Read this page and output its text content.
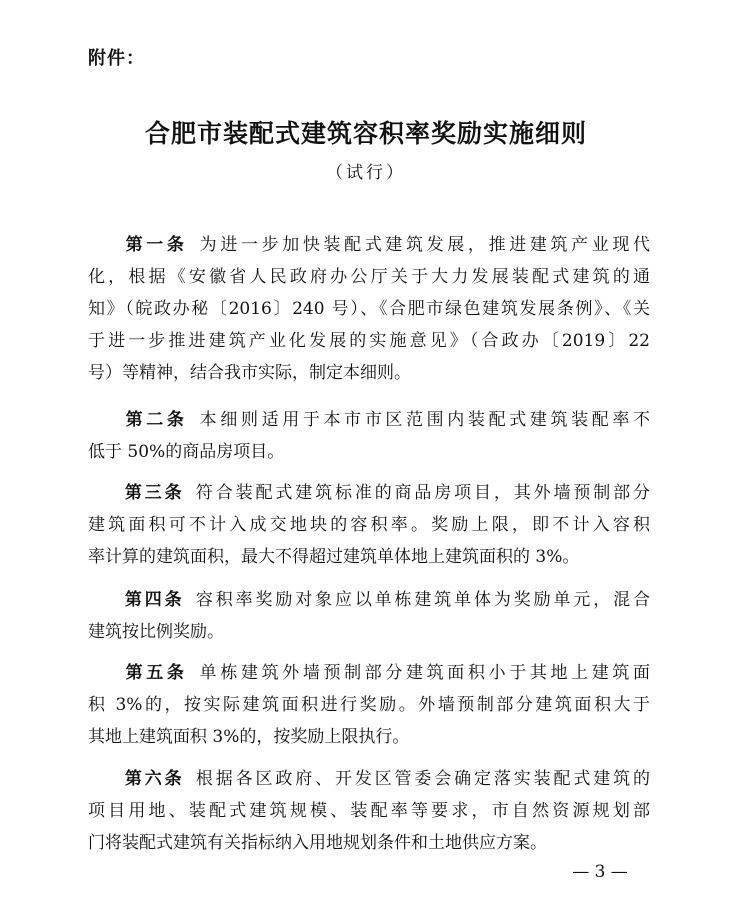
附件：
合肥市装配式建筑容积率奖励实施细则
（试行）
  第一条  为进一步加快装配式建筑发展，推进建筑产业现代
化，根据《安徽省人民政府办公厅关于大力发展装配式建筑的通
知》（皖政办秘〔2016〕240 号）、《合肥市绿色建筑发展条例》、《关
于进一步推进建筑产业化发展的实施意见》（合政办〔2019〕22
号）等精神，结合我市实际，制定本细则。
  第二条  本细则适用于本市市区范围内装配式建筑装配率不
低于 50%的商品房项目。
  第三条  符合装配式建筑标准的商品房项目，其外墙预制部分
建筑面积可不计入成交地块的容积率。奖励上限，即不计入容积
率计算的建筑面积，最大不得超过建筑单体地上建筑面积的 3%。
  第四条  容积率奖励对象应以单栋建筑单体为奖励单元，混合
建筑按比例奖励。
  第五条  单栋建筑外墙预制部分建筑面积小于其地上建筑面
积 3%的，按实际建筑面积进行奖励。外墙预制部分建筑面积大于
其地上建筑面积 3%的，按奖励上限执行。
  第六条  根据各区政府、开发区管委会确定落实装配式建筑的
项目用地、装配式建筑规模、装配率等要求，市自然资源规划部
门将装配式建筑有关指标纳入用地规划条件和土地供应方案。
— 3 —
